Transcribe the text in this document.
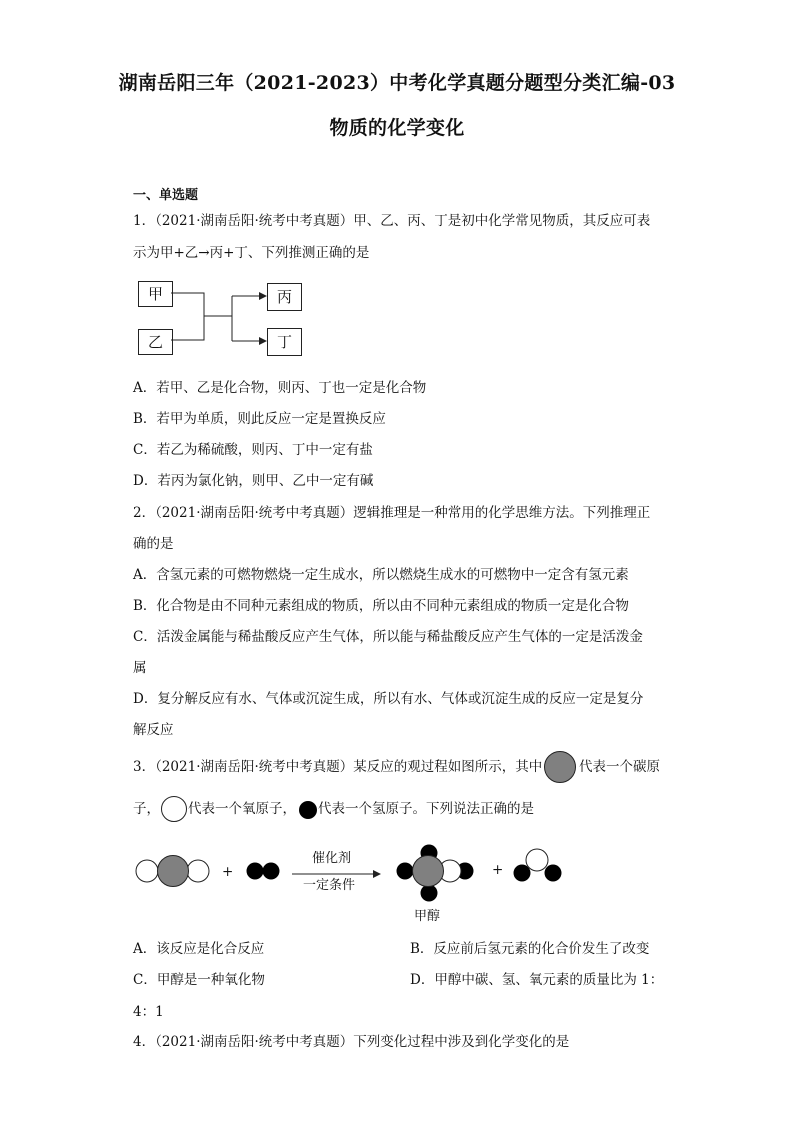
湖南岳阳三年（2021-2023）中考化学真题分题型分类汇编-03
物质的化学变化
一、单选题
1．（2021·湖南岳阳·统考中考真题）甲、乙、丙、丁是初中化学常见物质，其反应可表
示为甲+乙→丙+丁、下列推测正确的是
甲
乙
丙
丁
A．若甲、乙是化合物，则丙、丁也一定是化合物
B．若甲为单质，则此反应一定是置换反应
C．若乙为稀硫酸，则丙、丁中一定有盐
D．若丙为氯化钠，则甲、乙中一定有碱
2．（2021·湖南岳阳·统考中考真题）逻辑推理是一种常用的化学思维方法。下列推理正
确的是
A．含氢元素的可燃物燃烧一定生成水，所以燃烧生成水的可燃物中一定含有氢元素
B．化合物是由不同种元素组成的物质，所以由不同种元素组成的物质一定是化合物
C．活泼金属能与稀盐酸反应产生气体，所以能与稀盐酸反应产生气体的一定是活泼金
属
D．复分解反应有水、气体或沉淀生成，所以有水、气体或沉淀生成的反应一定是复分
解反应
3．（2021·湖南岳阳·统考中考真题）某反应的观过程如图所示，其中	代表一个碳原
子， 代表一个氧原子， 代表一个氢原子。下列说法正确的是
+	+
催化剂
一定条件
甲醇
A．该反应是化合反应	B．反应前后氢元素的化合价发生了改变
C．甲醇是一种氧化物	D．甲醇中碳、氢、氧元素的质量比为 1：
4：1
4．（2021·湖南岳阳·统考中考真题）下列变化过程中涉及到化学变化的是
